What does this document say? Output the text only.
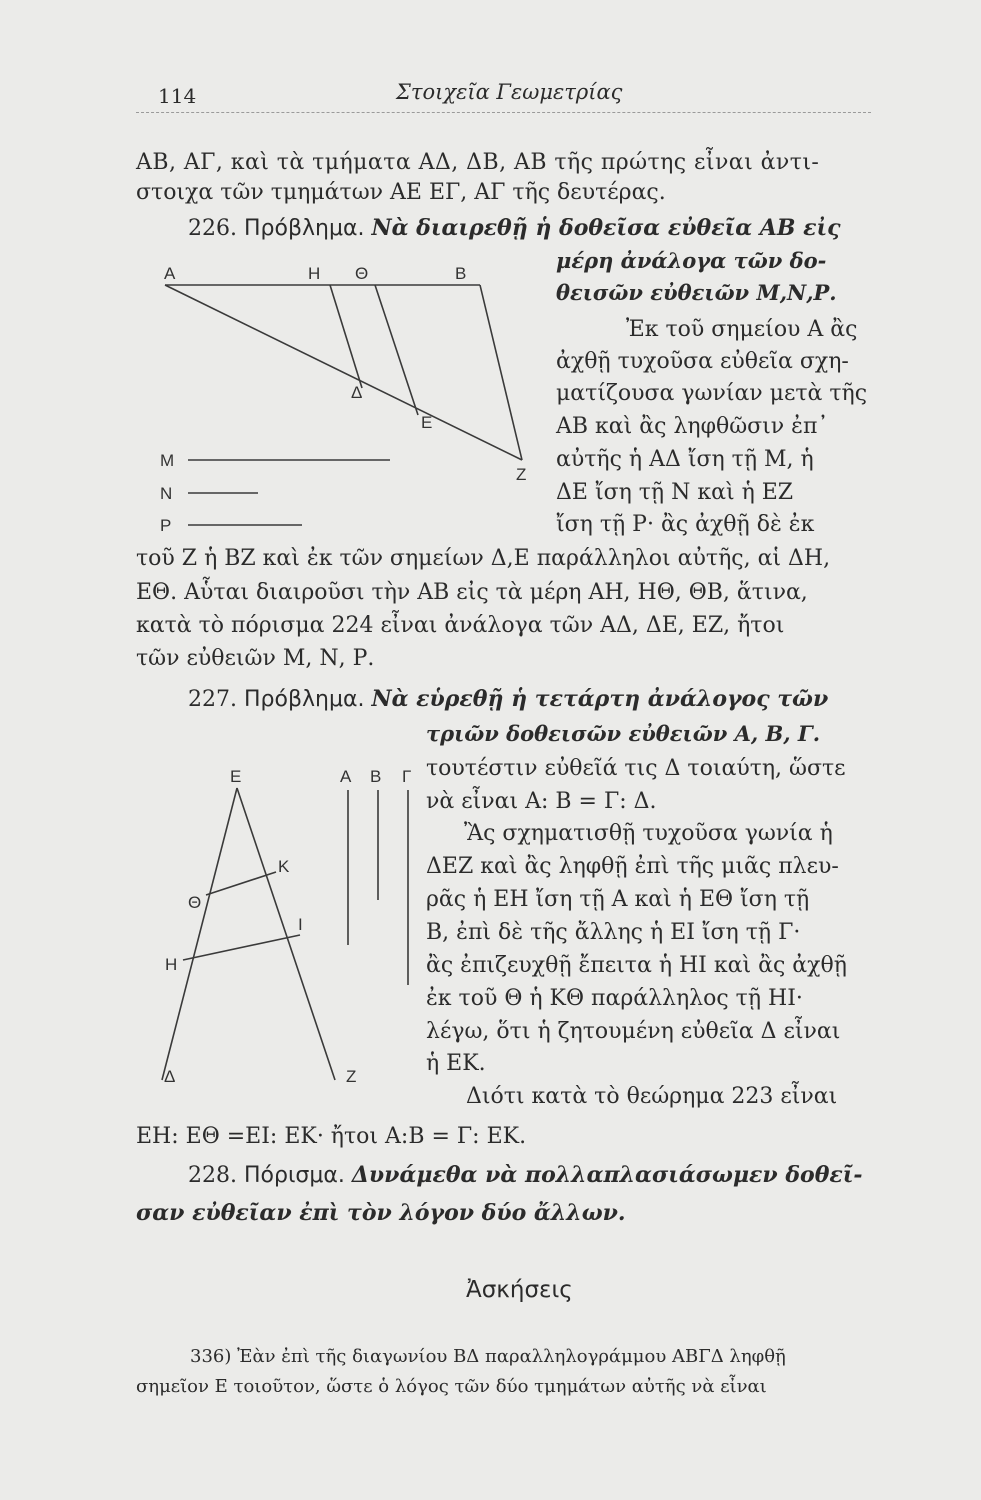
114	Στοιχεῖα Γεωμετρίας
ΑΒ, ΑΓ, καὶ τὰ τμήματα ΑΔ, ΔΒ, ΑΒ τῆς πρώτης εἶναι ἀντι-
στοιχα τῶν τμημάτων ΑΕ ΕΓ, ΑΓ τῆς δευτέρας.
226. Πρόβλημα. Νὰ διαιρεθῇ ἡ δοθεῖσα εὐθεῖα ΑΒ εἰς
μέρη ἀνάλογα τῶν δο-
θεισῶν εὐθειῶν Μ,Ν,Ρ.
Ἐκ τοῦ σημείου Α ἂς
ἀχθῇ τυχοῦσα εὐθεῖα σχη-
ματίζουσα γωνίαν μετὰ τῆς
ΑΒ καὶ ἂς ληφθῶσιν ἐπ᾽
αὐτῆς ἡ ΑΔ ἴση τῇ Μ, ἡ
ΔΕ ἴση τῇ Ν καὶ ἡ ΕΖ
ἴση τῇ Ρ· ἂς ἀχθῇ δὲ ἐκ
Α	Η Θ	Β
Δ
Ε
Ζ
Μ
Ν
Ρ
τοῦ Ζ ἡ ΒΖ καὶ ἐκ τῶν σημείων Δ,Ε παράλληλοι αὐτῆς, αἱ ΔΗ,
ΕΘ. Αὗται διαιροῦσι τὴν ΑΒ εἰς τὰ μέρη ΑΗ, ΗΘ, ΘΒ, ἅτινα,
κατὰ τὸ πόρισμα 224 εἶναι ἀνάλογα τῶν ΑΔ, ΔΕ, ΕΖ, ἤτοι
τῶν εὐθειῶν Μ, Ν, Ρ.
227. Πρόβλημα. Νὰ εὑρεθῇ ἡ τετάρτη ἀνάλογος τῶν
τριῶν δοθεισῶν εὐθειῶν Α, Β, Γ.
τουτέστιν εὐθεῖά τις Δ τοιαύτη, ὥστε
νὰ εἶναι Α: Β = Γ: Δ.
Ἂς σχηματισθῇ τυχοῦσα γωνία ἡ
ΔΕΖ καὶ ἂς ληφθῇ ἐπὶ τῆς μιᾶς πλευ-
ρᾶς ἡ ΕΗ ἴση τῇ Α καὶ ἡ ΕΘ ἴση τῇ
Β, ἐπὶ δὲ τῆς ἄλλης ἡ ΕΙ ἴση τῇ Γ·
ἂς ἐπιζευχθῇ ἔπειτα ἡ ΗΙ καὶ ἂς ἀχθῇ
ἐκ τοῦ Θ ἡ ΚΘ παράλληλος τῇ ΗΙ·
λέγω, ὅτι ἡ ζητουμένη εὐθεῖα Δ εἶναι
ἡ ΕΚ.
Διότι κατὰ τὸ θεώρημα 223 εἶναι
ΕΗ: ΕΘ =ΕΙ: ΕΚ· ἤτοι Α:Β = Γ: ΕΚ.
Ε	Α Β Γ
Κ
Θ
Ι
Η
Δ	Ζ
228. Πόρισμα. Δυνάμεθα νὰ πολλαπλασιάσωμεν δοθεῖ-
σαν εὐθεῖαν ἐπὶ τὸν λόγον δύο ἄλλων.
Ἀσκήσεις
336) Ἐὰν ἐπὶ τῆς διαγωνίου ΒΔ παραλληλογράμμου ΑΒΓΔ ληφθῇ
σημεῖον Ε τοιοῦτον, ὥστε ὁ λόγος τῶν δύο τμημάτων αὐτῆς νὰ εἶναι
